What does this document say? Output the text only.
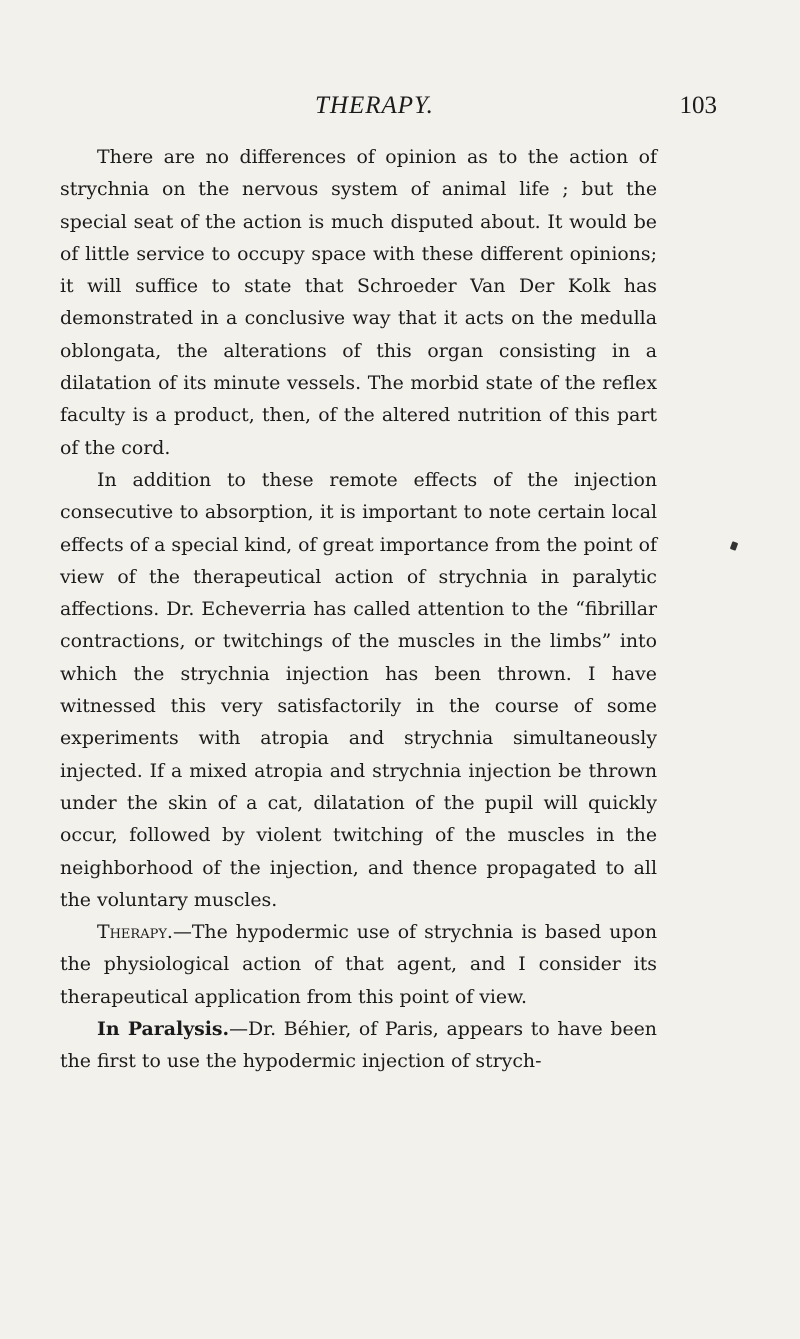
THERAPY.	103

There are no differences of opinion as to the action of strychnia on the nervous system of animal life ; but the special seat of the action is much disputed about. It would be of little service to occupy space with these different opinions; it will suffice to state that Schroeder Van Der Kolk has demonstrated in a conclusive way that it acts on the medulla oblongata, the alterations of this organ consisting in a dilatation of its minute vessels. The morbid state of the reflex faculty is a product, then, of the altered nutrition of this part of the cord.

In addition to these remote effects of the injection consecutive to absorption, it is important to note certain local effects of a special kind, of great importance from the point of view of the therapeutical action of strychnia in paralytic affections. Dr. Echeverria has called attention to the “fibrillar contractions, or twitchings of the muscles in the limbs” into which the strychnia injection has been thrown. I have witnessed this very satisfactorily in the course of some experiments with atropia and strychnia simultaneously injected. If a mixed atropia and strychnia injection be thrown under the skin of a cat, dilatation of the pupil will quickly occur, followed by violent twitching of the muscles in the neighborhood of the injection, and thence propagated to all the voluntary muscles.

Therapy.—The hypodermic use of strychnia is based upon the physiological action of that agent, and I consider its therapeutical application from this point of view.

In Paralysis.—Dr. Béhier, of Paris, appears to have been the first to use the hypodermic injection of strych-
